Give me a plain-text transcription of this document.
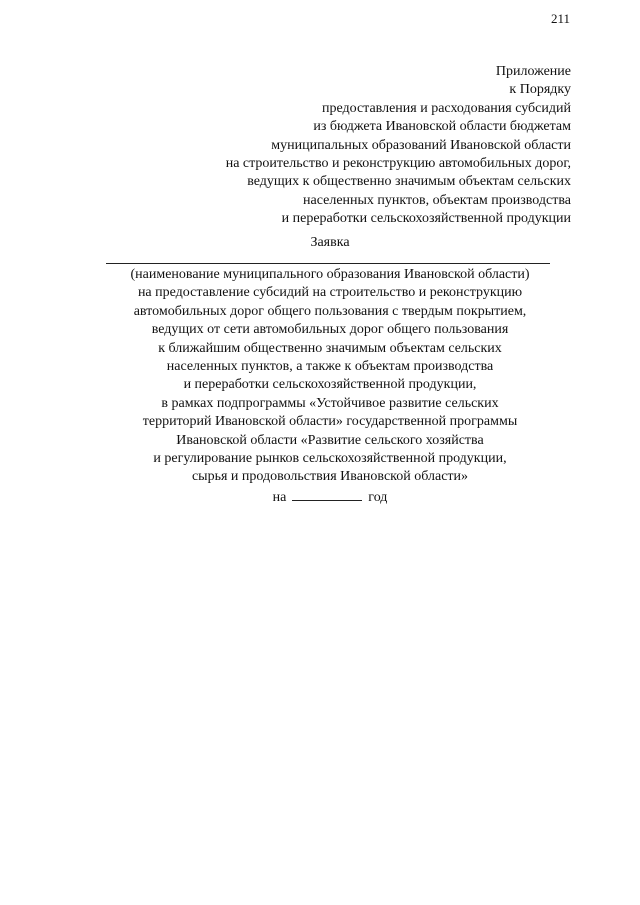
211
Приложение
к Порядку
предоставления и расходования субсидий
из бюджета Ивановской области бюджетам
муниципальных образований Ивановской области
на строительство и реконструкцию автомобильных дорог,
ведущих к общественно значимым объектам сельских
населенных пунктов, объектам производства
и переработки сельскохозяйственной продукции
Заявка
(наименование муниципального образования Ивановской области)
на предоставление субсидий на строительство и реконструкцию
автомобильных дорог общего пользования с твердым покрытием,
ведущих от сети автомобильных дорог общего пользования
к ближайшим общественно значимым объектам сельских
населенных пунктов, а также к объектам производства
и переработки сельскохозяйственной продукции,
в рамках подпрограммы «Устойчивое развитие сельских
территорий Ивановской области» государственной программы
Ивановской области «Развитие сельского хозяйства
и регулирование рынков сельскохозяйственной продукции,
сырья и продовольствия Ивановской области»
на	год
